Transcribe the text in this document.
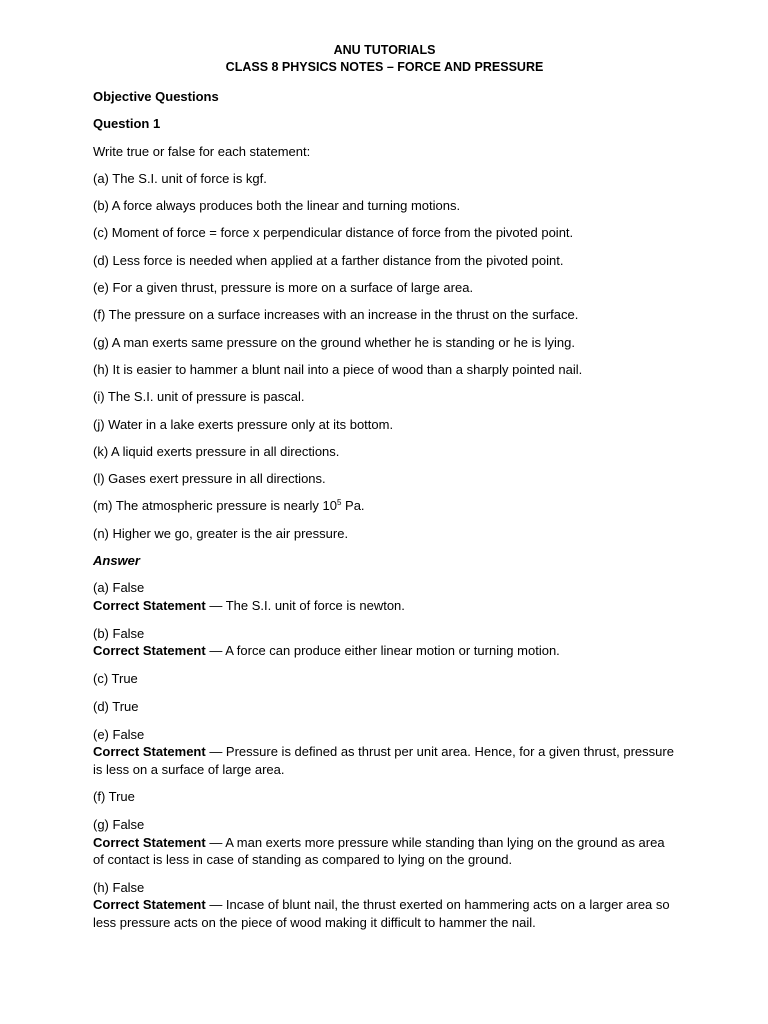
ANU TUTORIALS
CLASS 8 PHYSICS NOTES – FORCE AND PRESSURE

Objective Questions

Question 1

Write true or false for each statement:

(a) The S.I. unit of force is kgf.

(b) A force always produces both the linear and turning motions.

(c) Moment of force = force x perpendicular distance of force from the pivoted point.

(d) Less force is needed when applied at a farther distance from the pivoted point.

(e) For a given thrust, pressure is more on a surface of large area.

(f) The pressure on a surface increases with an increase in the thrust on the surface.

(g) A man exerts same pressure on the ground whether he is standing or he is lying.

(h) It is easier to hammer a blunt nail into a piece of wood than a sharply pointed nail.

(i) The S.I. unit of pressure is pascal.

(j) Water in a lake exerts pressure only at its bottom.

(k) A liquid exerts pressure in all directions.

(l) Gases exert pressure in all directions.

(m) The atmospheric pressure is nearly $10^5$ Pa.

(n) Higher we go, greater is the air pressure.

Answer

(a) False

Correct Statement — The S.I. unit of force is newton.

(b) False

Correct Statement — A force can produce either linear motion or turning motion.

(c) True

(d) True

(e) False

Correct Statement — Pressure is defined as thrust per unit area. Hence, for a given thrust, pressure is less on a surface of large area.

(f) True

(g) False

Correct Statement — A man exerts more pressure while standing than lying on the ground as area of contact is less in case of standing as compared to lying on the ground.

(h) False

Correct Statement — Incase of blunt nail, the thrust exerted on hammering acts on a larger area so less pressure acts on the piece of wood making it difficult to hammer the nail.
